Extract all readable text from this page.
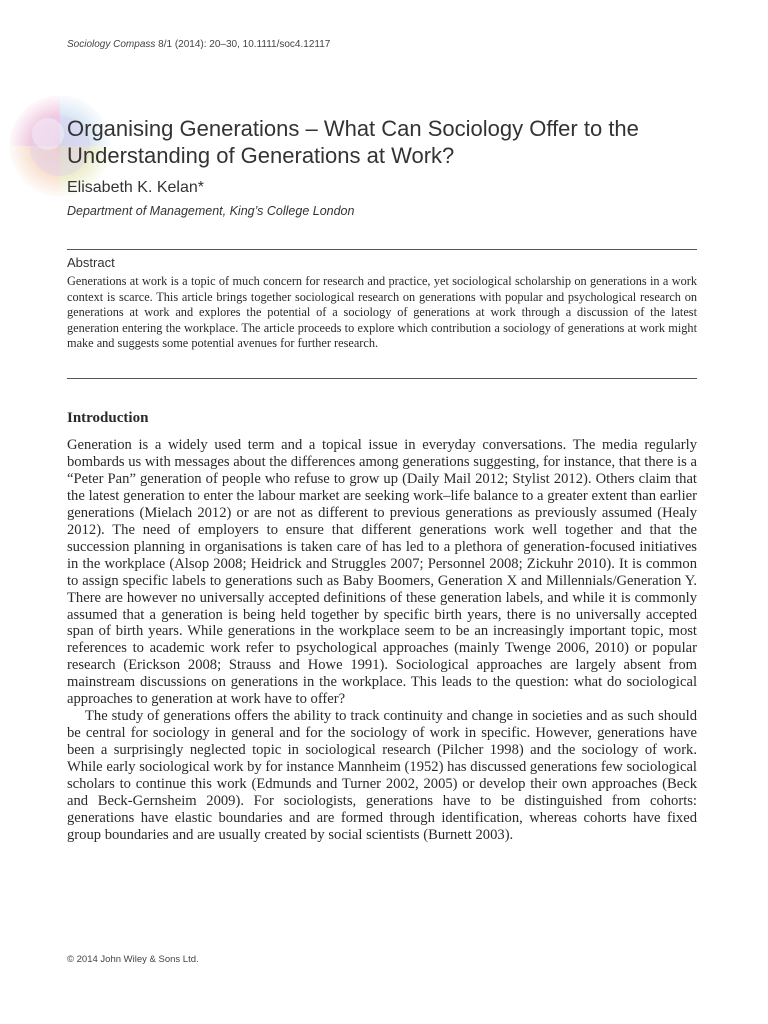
Sociology Compass 8/1 (2014): 20–30, 10.1111/soc4.12117
Organising Generations – What Can Sociology Offer to the Understanding of Generations at Work?
Elisabeth K. Kelan*
Department of Management, King’s College London
Abstract

Generations at work is a topic of much concern for research and practice, yet sociological scholarship on generations in a work context is scarce. This article brings together sociological research on generations with popular and psychological research on generations at work and explores the potential of a sociology of generations at work through a discussion of the latest generation entering the workplace. The article proceeds to explore which contribution a sociology of generations at work might make and suggests some potential avenues for further research.

Introduction

Generation is a widely used term and a topical issue in everyday conversations. The media regularly bombards us with messages about the differences among generations suggesting, for instance, that there is a “Peter Pan” generation of people who refuse to grow up (Daily Mail 2012; Stylist 2012). Others claim that the latest generation to enter the labour market are seeking work–life balance to a greater extent than earlier generations (Mielach 2012) or are not as different to previous generations as previously assumed (Healy 2012). The need of employers to ensure that different generations work well together and that the succession planning in organisations is taken care of has led to a plethora of generation-focused initiatives in the workplace (Alsop 2008; Heidrick and Struggles 2007; Personnel 2008; Zickuhr 2010). It is common to assign specific labels to generations such as Baby Boomers, Generation X and Millennials/Generation Y. There are however no universally accepted definitions of these generation labels, and while it is commonly assumed that a generation is being held together by specific birth years, there is no universally accepted span of birth years. While generations in the workplace seem to be an increasingly important topic, most references to academic work refer to psychological approaches (mainly Twenge 2006, 2010) or popular research (Erickson 2008; Strauss and Howe 1991). Sociological approaches are largely absent from mainstream discussions on generations in the workplace. This leads to the question: what do sociological approaches to generation at work have to offer?

The study of generations offers the ability to track continuity and change in societies and as such should be central for sociology in general and for the sociology of work in specific. However, generations have been a surprisingly neglected topic in sociological research (Pilcher 1998) and the sociology of work. While early sociological work by for instance Mannheim (1952) has discussed generations few sociological scholars to continue this work (Edmunds and Turner 2002, 2005) or develop their own approaches (Beck and Beck-Gernsheim 2009). For sociologists, generations have to be distinguished from cohorts: generations have elastic boundaries and are formed through identification, whereas cohorts have fixed group boundaries and are usually created by social scientists (Burnett 2003).

© 2014 John Wiley & Sons Ltd.
